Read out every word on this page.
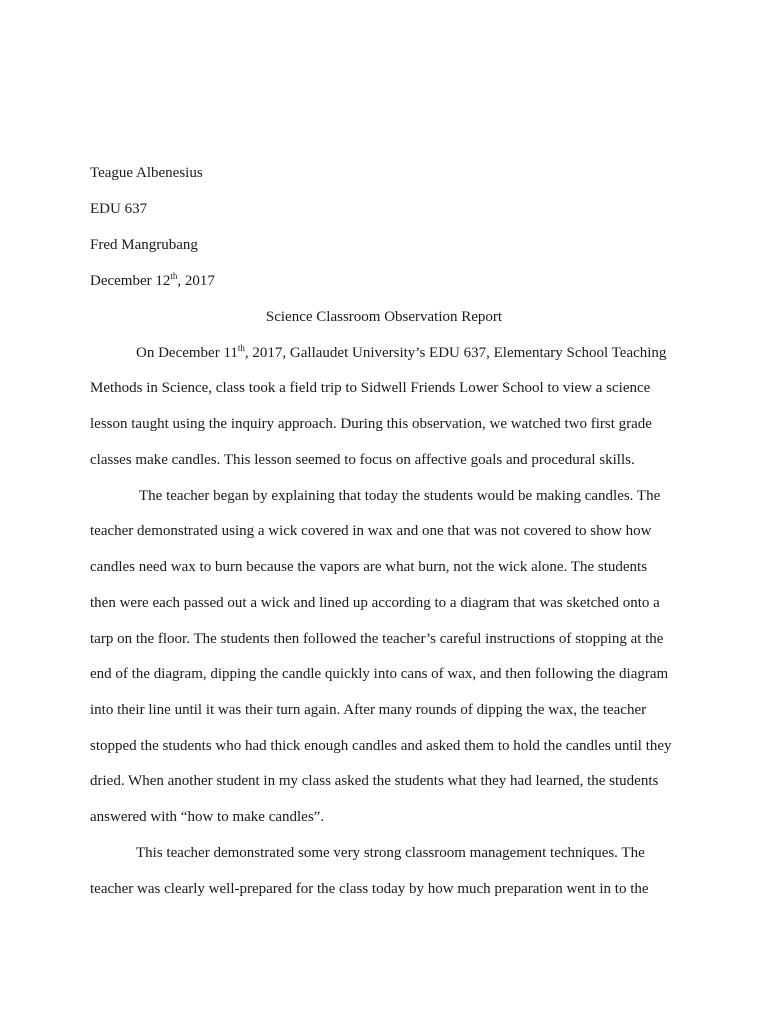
Teague Albenesius
EDU 637
Fred Mangrubang
December 12th, 2017
Science Classroom Observation Report
On December 11th, 2017, Gallaudet University’s EDU 637, Elementary School Teaching
Methods in Science, class took a field trip to Sidwell Friends Lower School to view a science
lesson taught using the inquiry approach. During this observation, we watched two first grade
classes make candles. This lesson seemed to focus on affective goals and procedural skills.
The teacher began by explaining that today the students would be making candles. The
teacher demonstrated using a wick covered in wax and one that was not covered to show how
candles need wax to burn because the vapors are what burn, not the wick alone. The students
then were each passed out a wick and lined up according to a diagram that was sketched onto a
tarp on the floor. The students then followed the teacher’s careful instructions of stopping at the
end of the diagram, dipping the candle quickly into cans of wax, and then following the diagram
into their line until it was their turn again. After many rounds of dipping the wax, the teacher
stopped the students who had thick enough candles and asked them to hold the candles until they
dried. When another student in my class asked the students what they had learned, the students
answered with “how to make candles”.
This teacher demonstrated some very strong classroom management techniques. The
teacher was clearly well-prepared for the class today by how much preparation went in to the
